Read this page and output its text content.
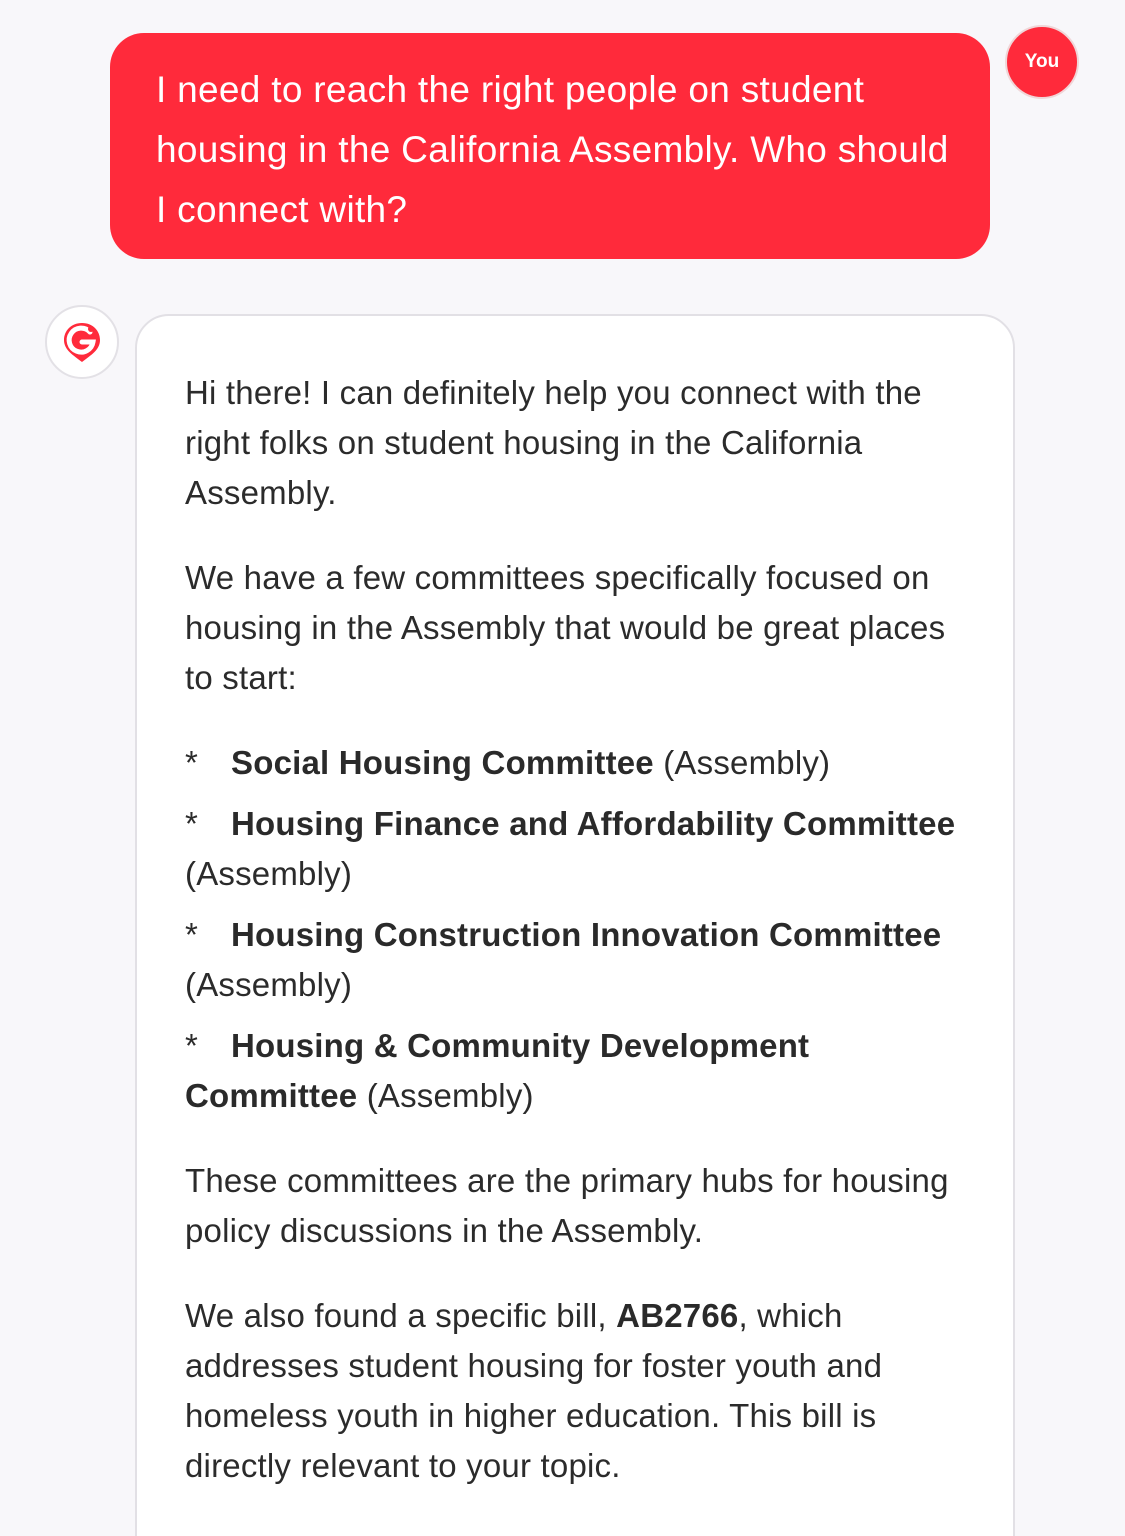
I need to reach the right people on student housing in the California Assembly. Who should I connect with?

You

Hi there! I can definitely help you connect with the right folks on student housing in the California Assembly.

We have a few committees specifically focused on housing in the Assembly that would be great places to start:

* Social Housing Committee (Assembly)
* Housing Finance and Affordability Committee (Assembly)
* Housing Construction Innovation Committee (Assembly)
* Housing & Community Development Committee (Assembly)

These committees are the primary hubs for housing policy discussions in the Assembly.

We also found a specific bill, AB2766, which addresses student housing for foster youth and homeless youth in higher education. This bill is directly relevant to your topic.
